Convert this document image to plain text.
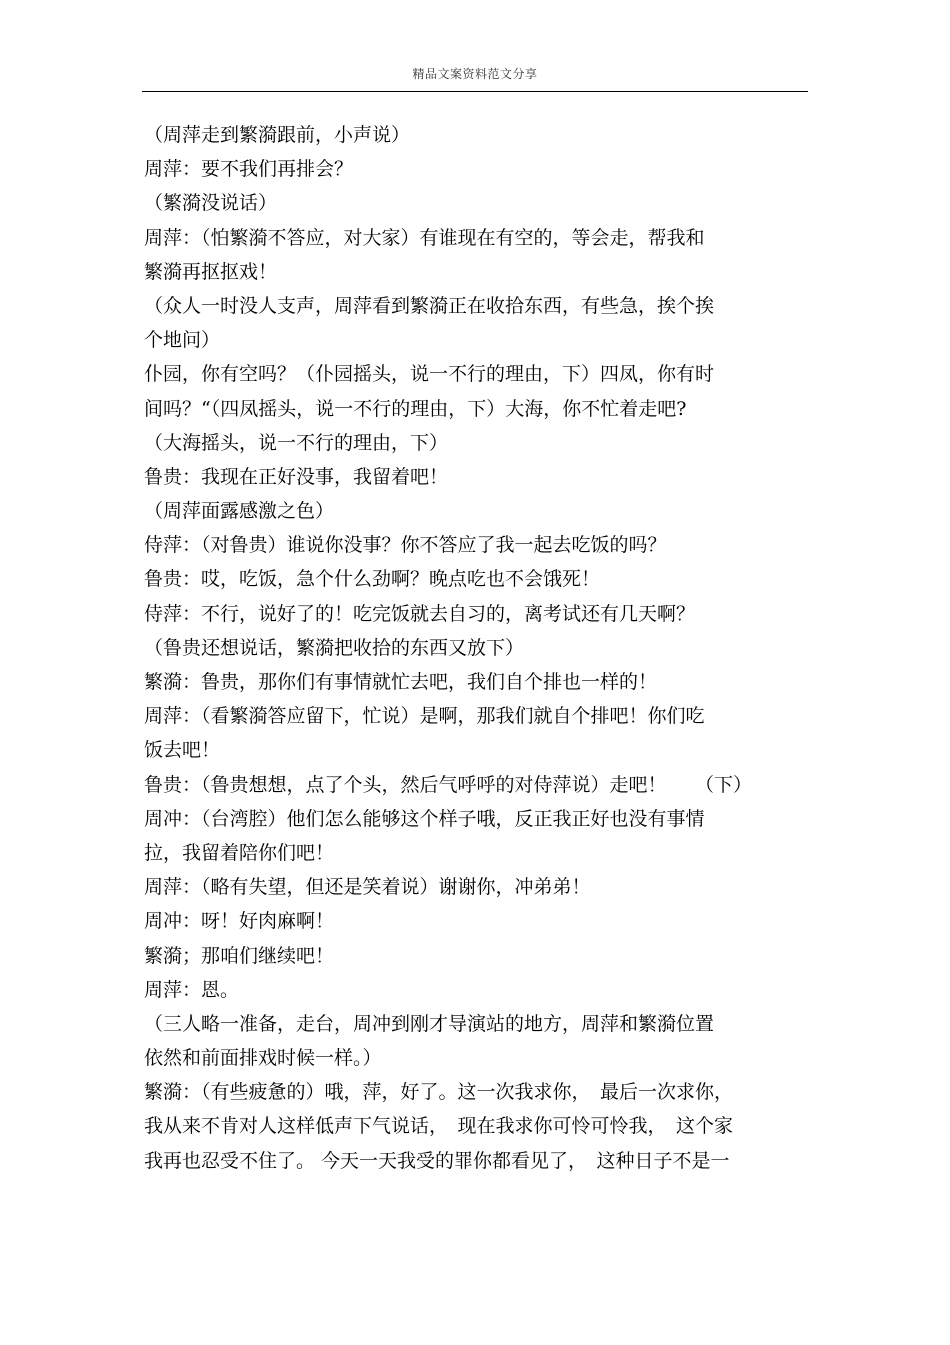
精品文案资料范文分享
（周萍走到繁漪跟前，小声说）
周萍：要不我们再排会？
（繁漪没说话）
周萍：（怕繁漪不答应，对大家）有谁现在有空的，等会走，帮我和
繁漪再抠抠戏！
（众人一时没人支声，周萍看到繁漪正在收拾东西，有些急，挨个挨
个地问）
仆园，你有空吗？（仆园摇头，说一不行的理由，下）四凤，你有时
间吗？“（四凤摇头，说一不行的理由，下）大海，你不忙着走吧?
（大海摇头，说一不行的理由，下）
鲁贵：我现在正好没事，我留着吧！
（周萍面露感激之色）
侍萍：（对鲁贵）谁说你没事？你不答应了我一起去吃饭的吗？
鲁贵：哎，吃饭，急个什么劲啊？晚点吃也不会饿死！
侍萍：不行，说好了的！吃完饭就去自习的，离考试还有几天啊？
（鲁贵还想说话，繁漪把收拾的东西又放下）
繁漪：鲁贵，那你们有事情就忙去吧，我们自个排也一样的！
周萍：（看繁漪答应留下，忙说）是啊，那我们就自个排吧！你们吃
饭去吧！
鲁贵：（鲁贵想想，点了个头，然后气呼呼的对侍萍说）走吧！　　（下）
周冲：（台湾腔）他们怎么能够这个样子哦，反正我正好也没有事情
拉，我留着陪你们吧！
周萍：（略有失望，但还是笑着说）谢谢你，冲弟弟！
周冲：呀！好肉麻啊！
繁漪；那咱们继续吧！
周萍：恩。
（三人略一准备，走台，周冲到刚才导演站的地方，周萍和繁漪位置
依然和前面排戏时候一样。）
繁漪：（有些疲惫的）哦，萍，好了。这一次我求你，　最后一次求你，
我从来不肯对人这样低声下气说话，　现在我求你可怜可怜我，　这个家
我再也忍受不住了。 今天一天我受的罪你都看见了，　这种日子不是一
